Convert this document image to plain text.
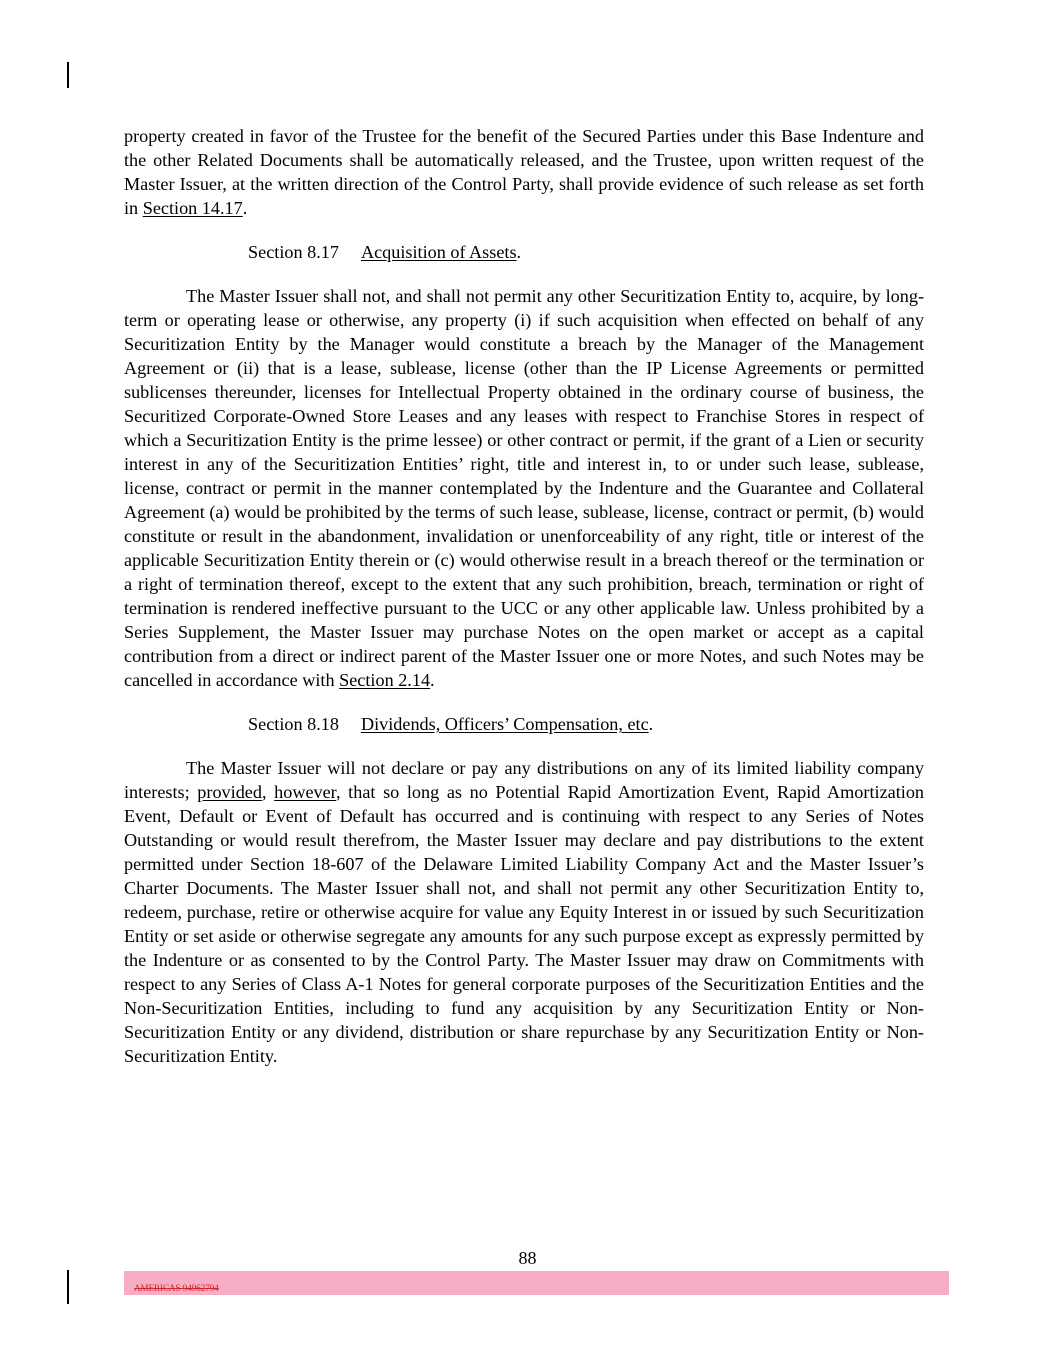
property created in favor of the Trustee for the benefit of the Secured Parties under this Base Indenture and the other Related Documents shall be automatically released, and the Trustee, upon written request of the Master Issuer, at the written direction of the Control Party, shall provide evidence of such release as set forth in Section 14.17.

Section 8.17 Acquisition of Assets.

The Master Issuer shall not, and shall not permit any other Securitization Entity to, acquire, by long-term or operating lease or otherwise, any property (i) if such acquisition when effected on behalf of any Securitization Entity by the Manager would constitute a breach by the Manager of the Management Agreement or (ii) that is a lease, sublease, license (other than the IP License Agreements or permitted sublicenses thereunder, licenses for Intellectual Property obtained in the ordinary course of business, the Securitized Corporate-Owned Store Leases and any leases with respect to Franchise Stores in respect of which a Securitization Entity is the prime lessee) or other contract or permit, if the grant of a Lien or security interest in any of the Securitization Entities’ right, title and interest in, to or under such lease, sublease, license, contract or permit in the manner contemplated by the Indenture and the Guarantee and Collateral Agreement (a) would be prohibited by the terms of such lease, sublease, license, contract or permit, (b) would constitute or result in the abandonment, invalidation or unenforceability of any right, title or interest of the applicable Securitization Entity therein or (c) would otherwise result in a breach thereof or the termination or a right of termination thereof, except to the extent that any such prohibition, breach, termination or right of termination is rendered ineffective pursuant to the UCC or any other applicable law. Unless prohibited by a Series Supplement, the Master Issuer may purchase Notes on the open market or accept as a capital contribution from a direct or indirect parent of the Master Issuer one or more Notes, and such Notes may be cancelled in accordance with Section 2.14.

Section 8.18 Dividends, Officers’ Compensation, etc.

The Master Issuer will not declare or pay any distributions on any of its limited liability company interests; provided, however, that so long as no Potential Rapid Amortization Event, Rapid Amortization Event, Default or Event of Default has occurred and is continuing with respect to any Series of Notes Outstanding or would result therefrom, the Master Issuer may declare and pay distributions to the extent permitted under Section 18-607 of the Delaware Limited Liability Company Act and the Master Issuer’s Charter Documents. The Master Issuer shall not, and shall not permit any other Securitization Entity to, redeem, purchase, retire or otherwise acquire for value any Equity Interest in or issued by such Securitization Entity or set aside or otherwise segregate any amounts for any such purpose except as expressly permitted by the Indenture or as consented to by the Control Party. The Master Issuer may draw on Commitments with respect to any Series of Class A-1 Notes for general corporate purposes of the Securitization Entities and the Non-Securitization Entities, including to fund any acquisition by any Securitization Entity or Non-Securitization Entity or any dividend, distribution or share repurchase by any Securitization Entity or Non-Securitization Entity.

88
AMERICAS 94962794
